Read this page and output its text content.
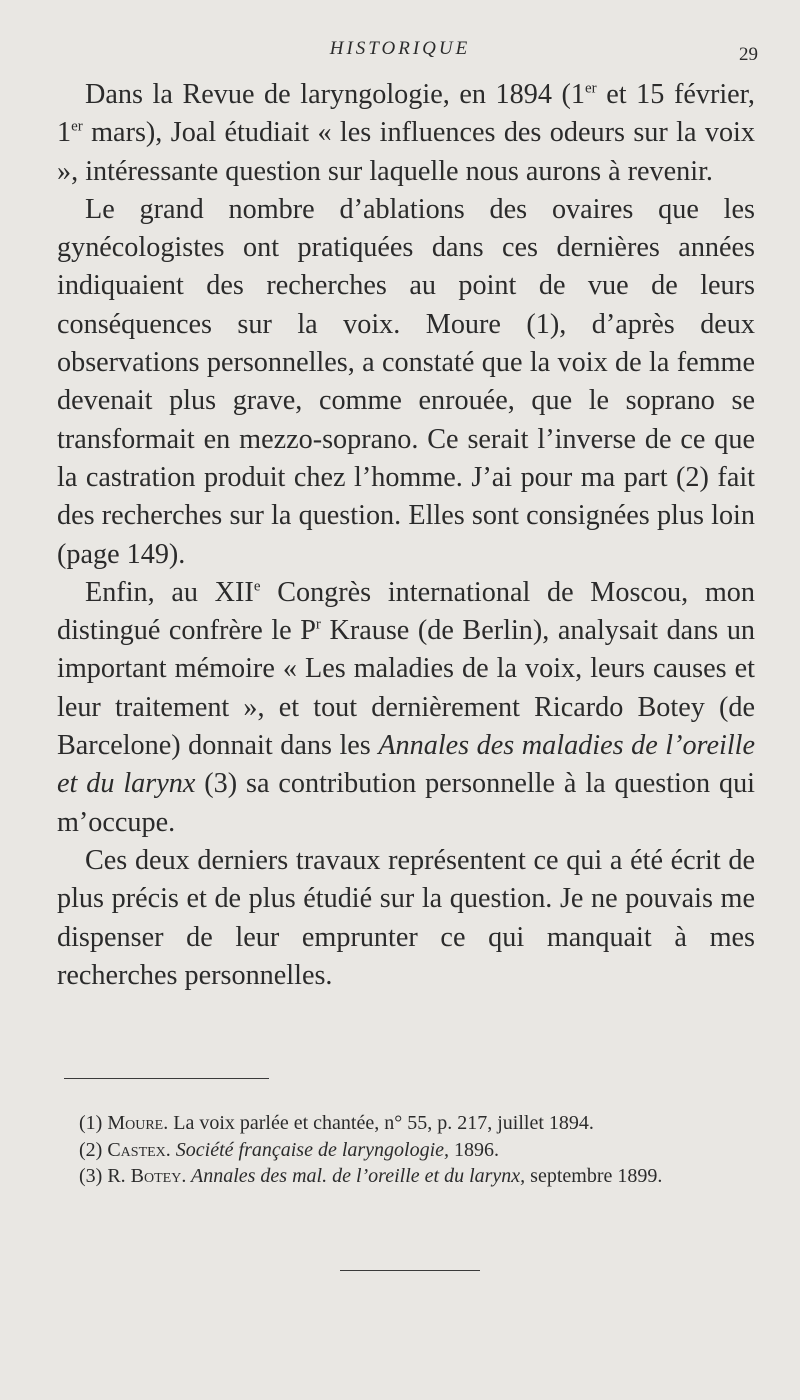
HISTORIQUE	29

Dans la Revue de laryngologie, en 1894 (1er et 15 février, 1er mars), Joal étudiait « les influences des odeurs sur la voix », intéressante question sur laquelle nous aurons à revenir.

Le grand nombre d’ablations des ovaires que les gynécologistes ont pratiquées dans ces dernières années indiquaient des recherches au point de vue de leurs conséquences sur la voix. Moure (1), d’après deux observations personnelles, a constaté que la voix de la femme devenait plus grave, comme enrouée, que le soprano se transformait en mezzo-soprano. Ce serait l’inverse de ce que la castration produit chez l’homme. J’ai pour ma part (2) fait des recherches sur la question. Elles sont consignées plus loin (page 149).

Enfin, au XIIe Congrès international de Moscou, mon distingué confrère le $P^r$ Krause (de Berlin), analysait dans un important mémoire « Les maladies de la voix, leurs causes et leur traitement », et tout dernièrement Ricardo Botey (de Barcelone) donnait dans les Annales des maladies de l’oreille et du larynx (3) sa contribution personnelle à la question qui m’occupe.

Ces deux derniers travaux représentent ce qui a été écrit de plus précis et de plus étudié sur la question. Je ne pouvais me dispenser de leur emprunter ce qui manquait à mes recherches personnelles.

(1) Moure. La voix parlée et chantée, n° 55, p. 217, juillet 1894.

(2) Castex. Société française de laryngologie, 1896.

(3) R. Botey. Annales des mal. de l’oreille et du larynx, septembre 1899.
